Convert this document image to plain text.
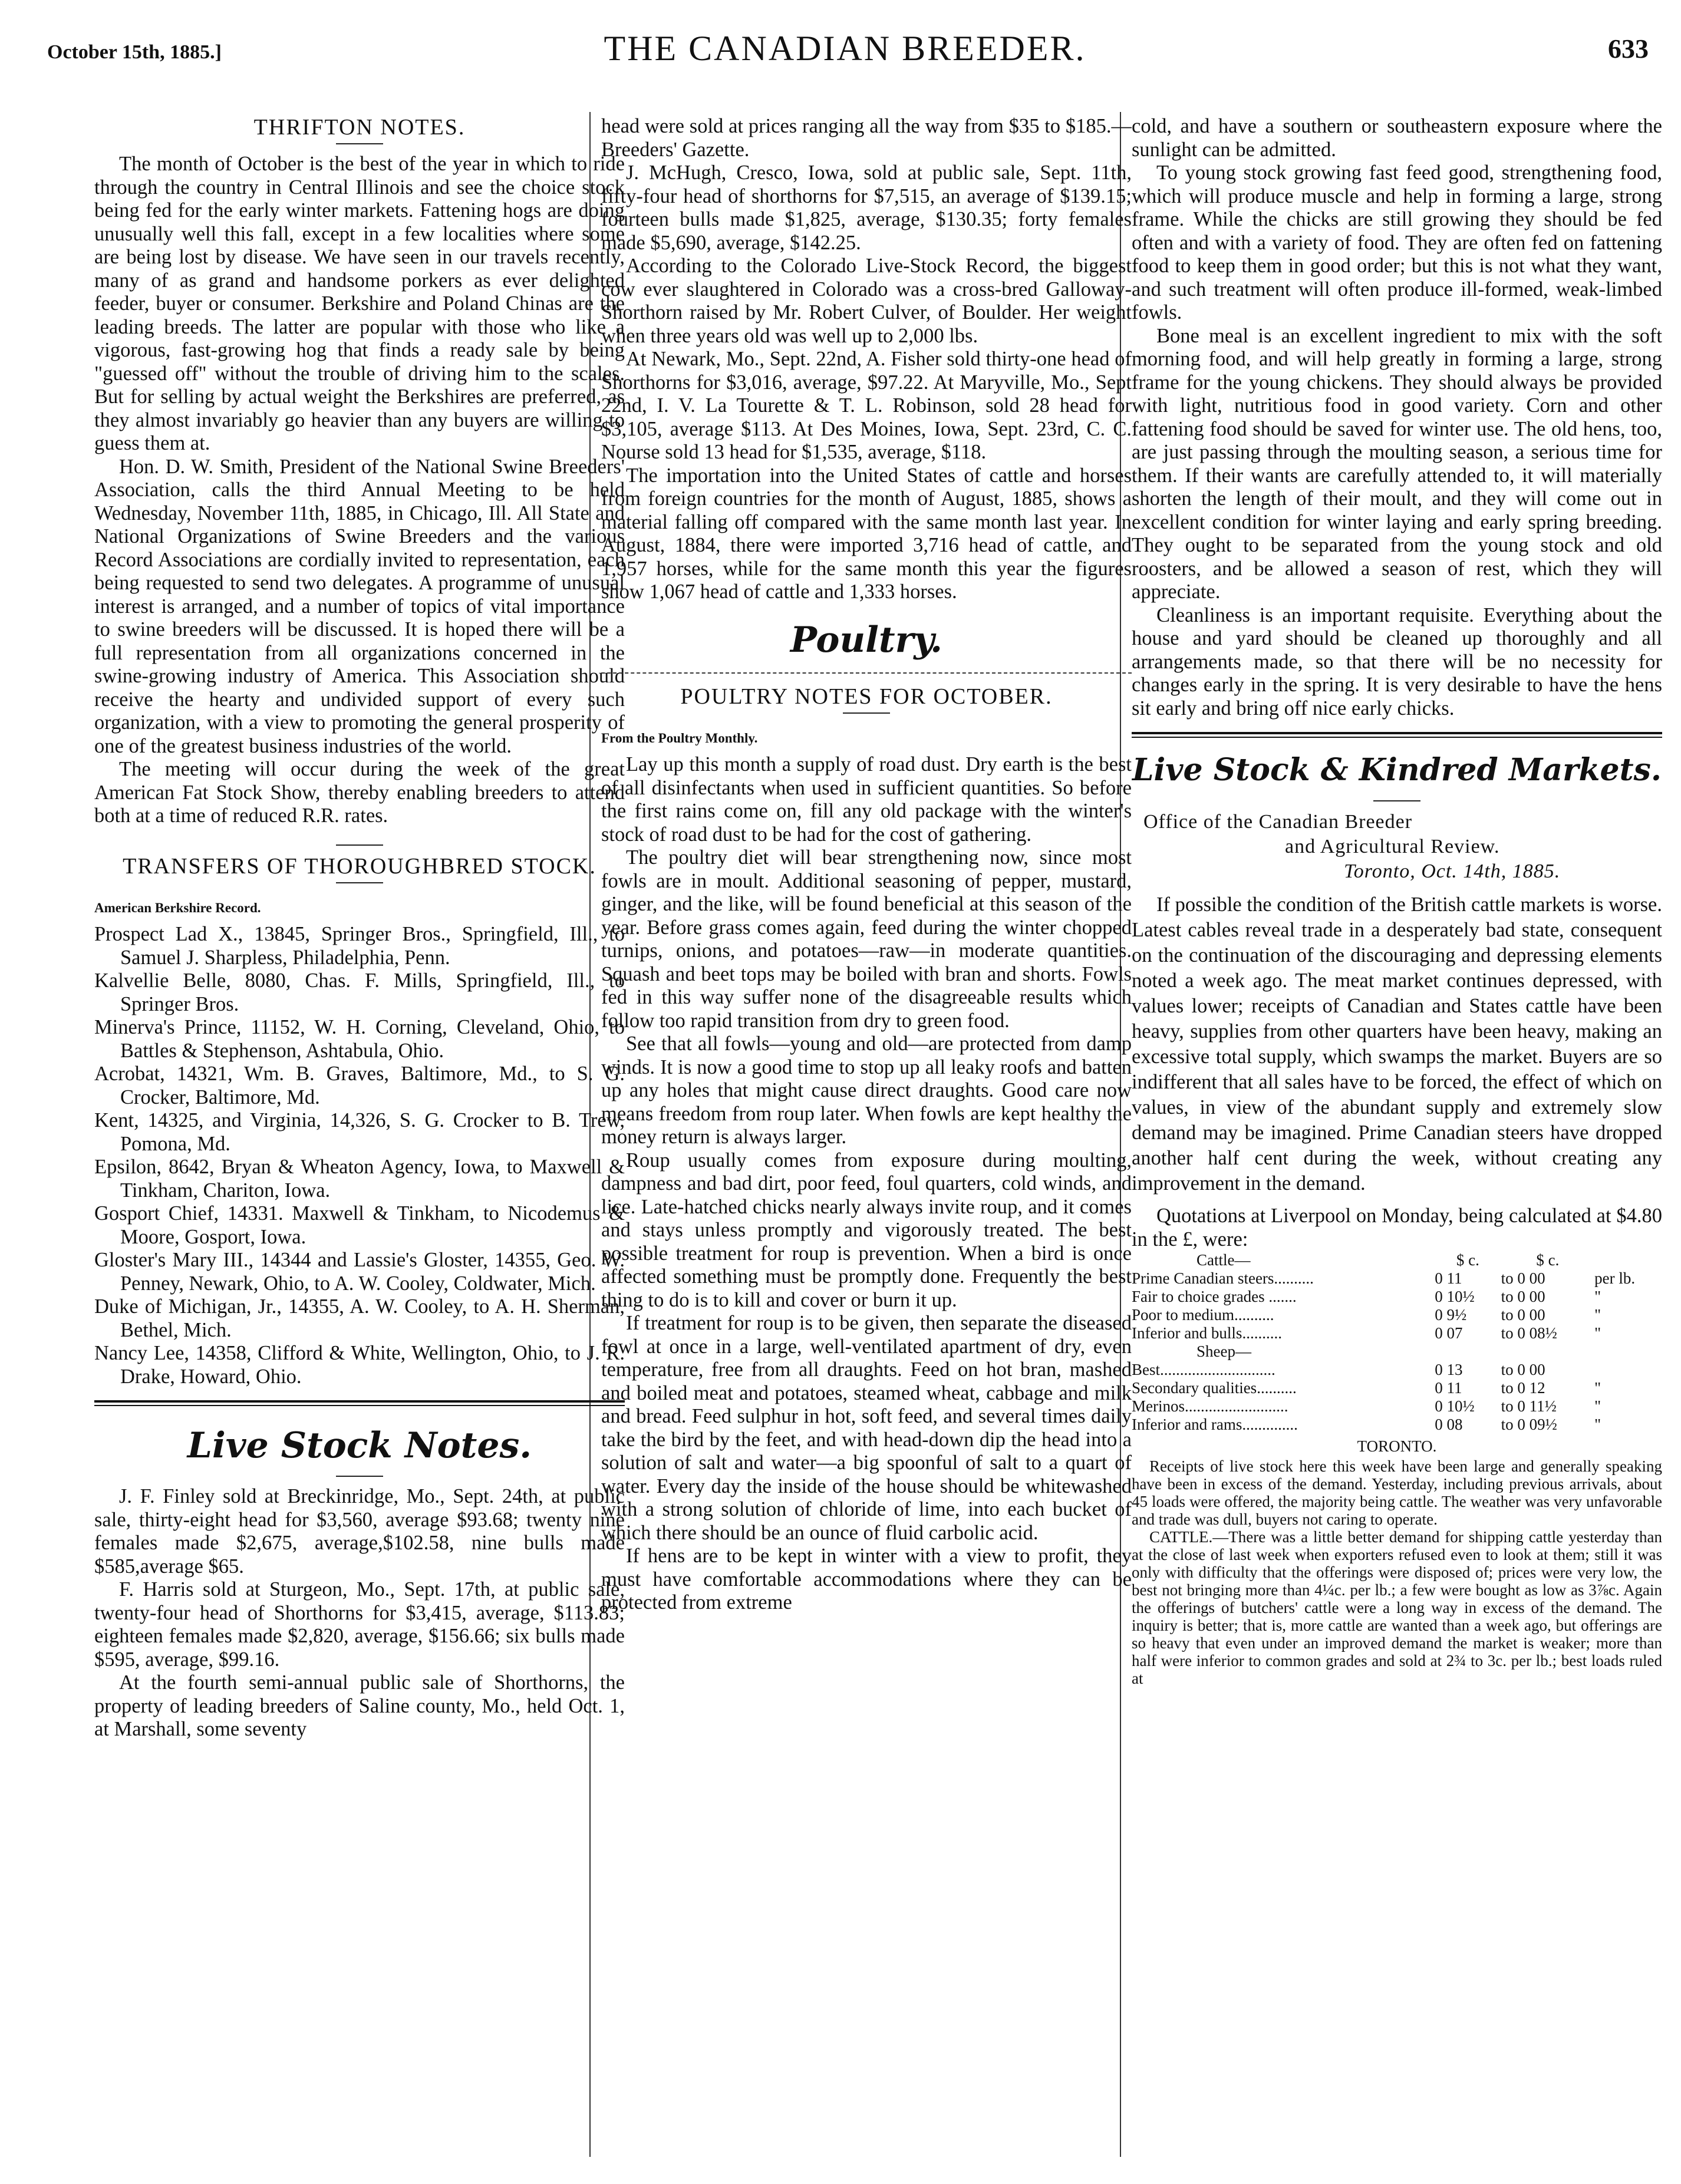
October 15th, 1885.]	THE CANADIAN BREEDER.	633
THRIFTON NOTES.

The month of October is the best of the year in which to ride through the country in Central Illinois and see the choice stock being fed for the early winter markets. Fattening hogs are doing unusually well this fall, except in a few localities where some are being lost by disease. We have seen in our travels recently, many of as grand and handsome porkers as ever delighted feeder, buyer or consumer. Berkshire and Poland Chinas are the leading breeds. The latter are popular with those who like a vigorous, fast-growing hog that finds a ready sale by being "guessed off" without the trouble of driving him to the scales. But for selling by actual weight the Berkshires are preferred, as they almost invariably go heavier than any buyers are willing to guess them at.

Hon. D. W. Smith, President of the National Swine Breeders' Association, calls the third Annual Meeting to be held Wednesday, November 11th, 1885, in Chicago, Ill. All State and National Organizations of Swine Breeders and the various Record Associations are cordially invited to representation, each being requested to send two delegates. A programme of unusual interest is arranged, and a number of topics of vital importance to swine breeders will be discussed. It is hoped there will be a full representation from all organizations concerned in the swine-growing industry of America. This Association should receive the hearty and undivided support of every such organization, with a view to promoting the general prosperity of one of the greatest business industries of the world.

The meeting will occur during the week of the great American Fat Stock Show, thereby enabling breeders to attend both at a time of reduced R.R. rates.

TRANSFERS OF THOROUGHBRED STOCK.
American Berkshire Record.

Prospect Lad X., 13845, Springer Bros., Springfield, Ill., to Samuel J. Sharpless, Philadelphia, Penn.

Kalvellie Belle, 8080, Chas. F. Mills, Springfield, Ill., to Springer Bros.

Minerva's Prince, 11152, W. H. Corning, Cleveland, Ohio, to Battles & Stephenson, Ashtabula, Ohio.

Acrobat, 14321, Wm. B. Graves, Baltimore, Md., to S. G. Crocker, Baltimore, Md.

Kent, 14325, and Virginia, 14,326, S. G. Crocker to B. Trew, Pomona, Md.

Epsilon, 8642, Bryan & Wheaton Agency, Iowa, to Maxwell & Tinkham, Chariton, Iowa.

Gosport Chief, 14331. Maxwell & Tinkham, to Nicodemus & Moore, Gosport, Iowa.

Gloster's Mary III., 14344 and Lassie's Gloster, 14355, Geo. W. Penney, Newark, Ohio, to A. W. Cooley, Coldwater, Mich.

Duke of Michigan, Jr., 14355, A. W. Cooley, to A. H. Sherman, Bethel, Mich.

Nancy Lee, 14358, Clifford & White, Wellington, Ohio, to J. R. Drake, Howard, Ohio.

Live Stock Notes.

J. F. Finley sold at Breckinridge, Mo., Sept. 24th, at public sale, thirty-eight head for $3,560, average $93.68; twenty nine females made $2,675, average,$102.58, nine bulls made $585,average $65.

F. Harris sold at Sturgeon, Mo., Sept. 17th, at public sale, twenty-four head of Shorthorns for $3,415, average, $113.83; eighteen females made $2,820, average, $156.66; six bulls made $595, average, $99.16.

At the fourth semi-annual public sale of Shorthorns, the property of leading breeders of Saline county, Mo., held Oct. 1, at Marshall, some seventy

head were sold at prices ranging all the way from $35 to $185.—Breeders' Gazette.

J. McHugh, Cresco, Iowa, sold at public sale, Sept. 11th, fifty-four head of shorthorns for $7,515, an average of $139.15; fourteen bulls made $1,825, average, $130.35; forty females made $5,690, average, $142.25.

According to the Colorado Live-Stock Record, the biggest cow ever slaughtered in Colorado was a cross-bred Galloway-Shorthorn raised by Mr. Robert Culver, of Boulder. Her weight when three years old was well up to 2,000 lbs.

At Newark, Mo., Sept. 22nd, A. Fisher sold thirty-one head of Shorthorns for $3,016, average, $97.22. At Maryville, Mo., Sept 22nd, I. V. La Tourette & T. L. Robinson, sold 28 head for $3,105, average $113. At Des Moines, Iowa, Sept. 23rd, C. C. Nourse sold 13 head for $1,535, average, $118.

The importation into the United States of cattle and horses from foreign countries for the month of August, 1885, shows a material falling off compared with the same month last year. In August, 1884, there were imported 3,716 head of cattle, and 1,957 horses, while for the same month this year the figures show 1,067 head of cattle and 1,333 horses.

Poultry.
POULTRY NOTES FOR OCTOBER.
From the Poultry Monthly.

Lay up this month a supply of road dust. Dry earth is the best of all disinfectants when used in sufficient quantities. So before the first rains come on, fill any old package with the winter's stock of road dust to be had for the cost of gathering.

The poultry diet will bear strengthening now, since most fowls are in moult. Additional seasoning of pepper, mustard, ginger, and the like, will be found beneficial at this season of the year. Before grass comes again, feed during the winter chopped turnips, onions, and potatoes—raw—in moderate quantities. Squash and beet tops may be boiled with bran and shorts. Fowls fed in this way suffer none of the disagreeable results which follow too rapid transition from dry to green food.

See that all fowls—young and old—are protected from damp winds. It is now a good time to stop up all leaky roofs and batten up any holes that might cause direct draughts. Good care now means freedom from roup later. When fowls are kept healthy the money return is always larger.

Roup usually comes from exposure during moulting, dampness and bad dirt, poor feed, foul quarters, cold winds, and lice. Late-hatched chicks nearly always invite roup, and it comes and stays unless promptly and vigorously treated. The best possible treatment for roup is prevention. When a bird is once affected something must be promptly done. Frequently the best thing to do is to kill and cover or burn it up.

If treatment for roup is to be given, then separate the diseased fowl at once in a large, well-ventilated apartment of dry, even temperature, free from all draughts. Feed on hot bran, mashed and boiled meat and potatoes, steamed wheat, cabbage and milk and bread. Feed sulphur in hot, soft feed, and several times daily take the bird by the feet, and with head-down dip the head into a solution of salt and water—a big spoonful of salt to a quart of water. Every day the inside of the house should be whitewashed with a strong solution of chloride of lime, into each bucket of which there should be an ounce of fluid carbolic acid.

If hens are to be kept in winter with a view to profit, they must have comfortable accommodations where they can be protected from extreme

cold, and have a southern or southeastern exposure where the sunlight can be admitted.

To young stock growing fast feed good, strengthening food, which will produce muscle and help in forming a large, strong frame. While the chicks are still growing they should be fed often and with a variety of food. They are often fed on fattening food to keep them in good order; but this is not what they want, and such treatment will often produce ill-formed, weak-limbed fowls.

Bone meal is an excellent ingredient to mix with the soft morning food, and will help greatly in forming a large, strong frame for the young chickens. They should always be provided with light, nutritious food in good variety. Corn and other fattening food should be saved for winter use. The old hens, too, are just passing through the moulting season, a serious time for them. If their wants are carefully attended to, it will materially shorten the length of their moult, and they will come out in excellent condition for winter laying and early spring breeding. They ought to be separated from the young stock and old roosters, and be allowed a season of rest, which they will appreciate.

Cleanliness is an important requisite. Everything about the house and yard should be cleaned up thoroughly and all arrangements made, so that there will be no necessity for changes early in the spring. It is very desirable to have the hens sit early and bring off nice early chicks.

Live Stock & Kindred Markets.
Office of the Canadian Breeder
and Agricultural Review.
Toronto, Oct. 14th, 1885.

If possible the condition of the British cattle markets is worse. Latest cables reveal trade in a desperately bad state, consequent on the continuation of the discouraging and depressing elements noted a week ago. The meat market continues depressed, with values lower; receipts of Canadian and States cattle have been heavy, supplies from other quarters have been heavy, making an excessive total supply, which swamps the market. Buyers are so indifferent that all sales have to be forced, the effect of which on values, in view of the abundant supply and extremely slow demand may be imagined. Prime Canadian steers have dropped another half cent during the week, without creating any improvement in the demand.

Quotations at Liverpool on Monday, being calculated at $4.80 in the £, were:

Cattle—	$ c.	$ c.	
Prime Canadian steers..........	0 11	to 0 00	per lb.
Fair to choice grades .......	0 10½	to 0 00	"
Poor to medium..........	0 9½	to 0 00	"
Inferior and bulls..........	0 07	to 0 08½	"
Sheep—			
Best.............................	0 13	to 0 00	
Secondary qualities..........	0 11	to 0 12	"
Merinos..........................	0 10½	to 0 11½	"
Inferior and rams..............	0 08	to 0 09½	"
TORONTO.

Receipts of live stock here this week have been large and generally speaking have been in excess of the demand. Yesterday, including previous arrivals, about 45 loads were offered, the majority being cattle. The weather was very unfavorable and trade was dull, buyers not caring to operate.

CATTLE.—There was a little better demand for shipping cattle yesterday than at the close of last week when exporters refused even to look at them; still it was only with difficulty that the offerings were disposed of; prices were very low, the best not bringing more than 4¼c. per lb.; a few were bought as low as 3⅞c. Again the offerings of butchers' cattle were a long way in excess of the demand. The inquiry is better; that is, more cattle are wanted than a week ago, but offerings are so heavy that even under an improved demand the market is weaker; more than half were inferior to common grades and sold at 2¾ to 3c. per lb.; best loads ruled at
